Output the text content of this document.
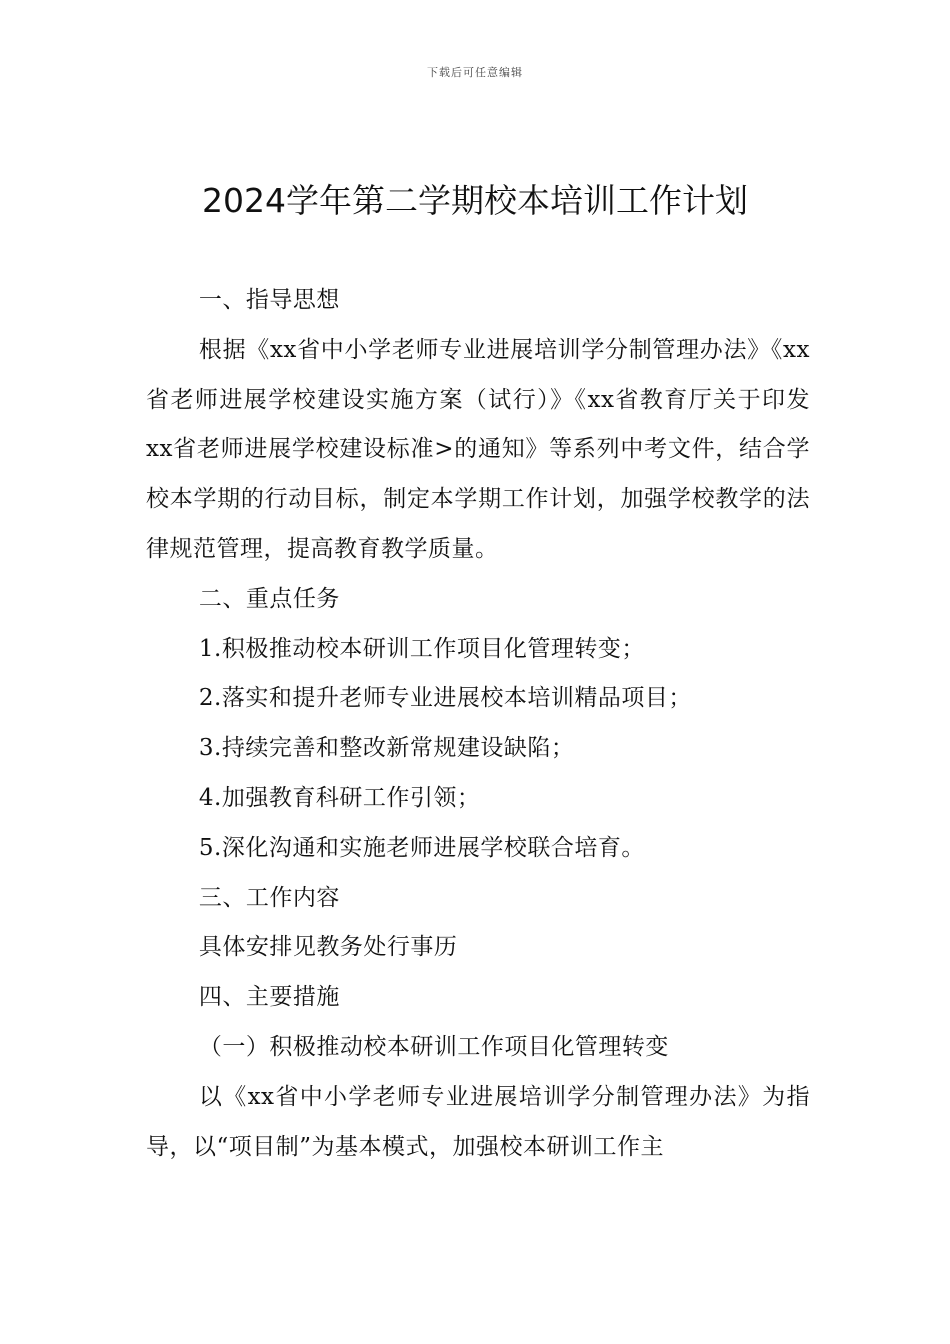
下载后可任意编辑
2024学年第二学期校本培训工作计划

一、指导思想

根据《xx省中小学老师专业进展培训学分制管理办法》《xx省老师进展学校建设实施方案（试行）》《xx省教育厅关于印发xx省老师进展学校建设标准>的通知》等系列中考文件，结合学校本学期的行动目标，制定本学期工作计划，加强学校教学的法律规范管理，提高教育教学质量。

二、重点任务

1.积极推动校本研训工作项目化管理转变；

2.落实和提升老师专业进展校本培训精品项目；

3.持续完善和整改新常规建设缺陷；

4.加强教育科研工作引领；

5.深化沟通和实施老师进展学校联合培育。

三、工作内容

具体安排见教务处行事历

四、主要措施

（一）积极推动校本研训工作项目化管理转变

以《xx省中小学老师专业进展培训学分制管理办法》为指导，以“项目制”为基本模式，加强校本研训工作主
